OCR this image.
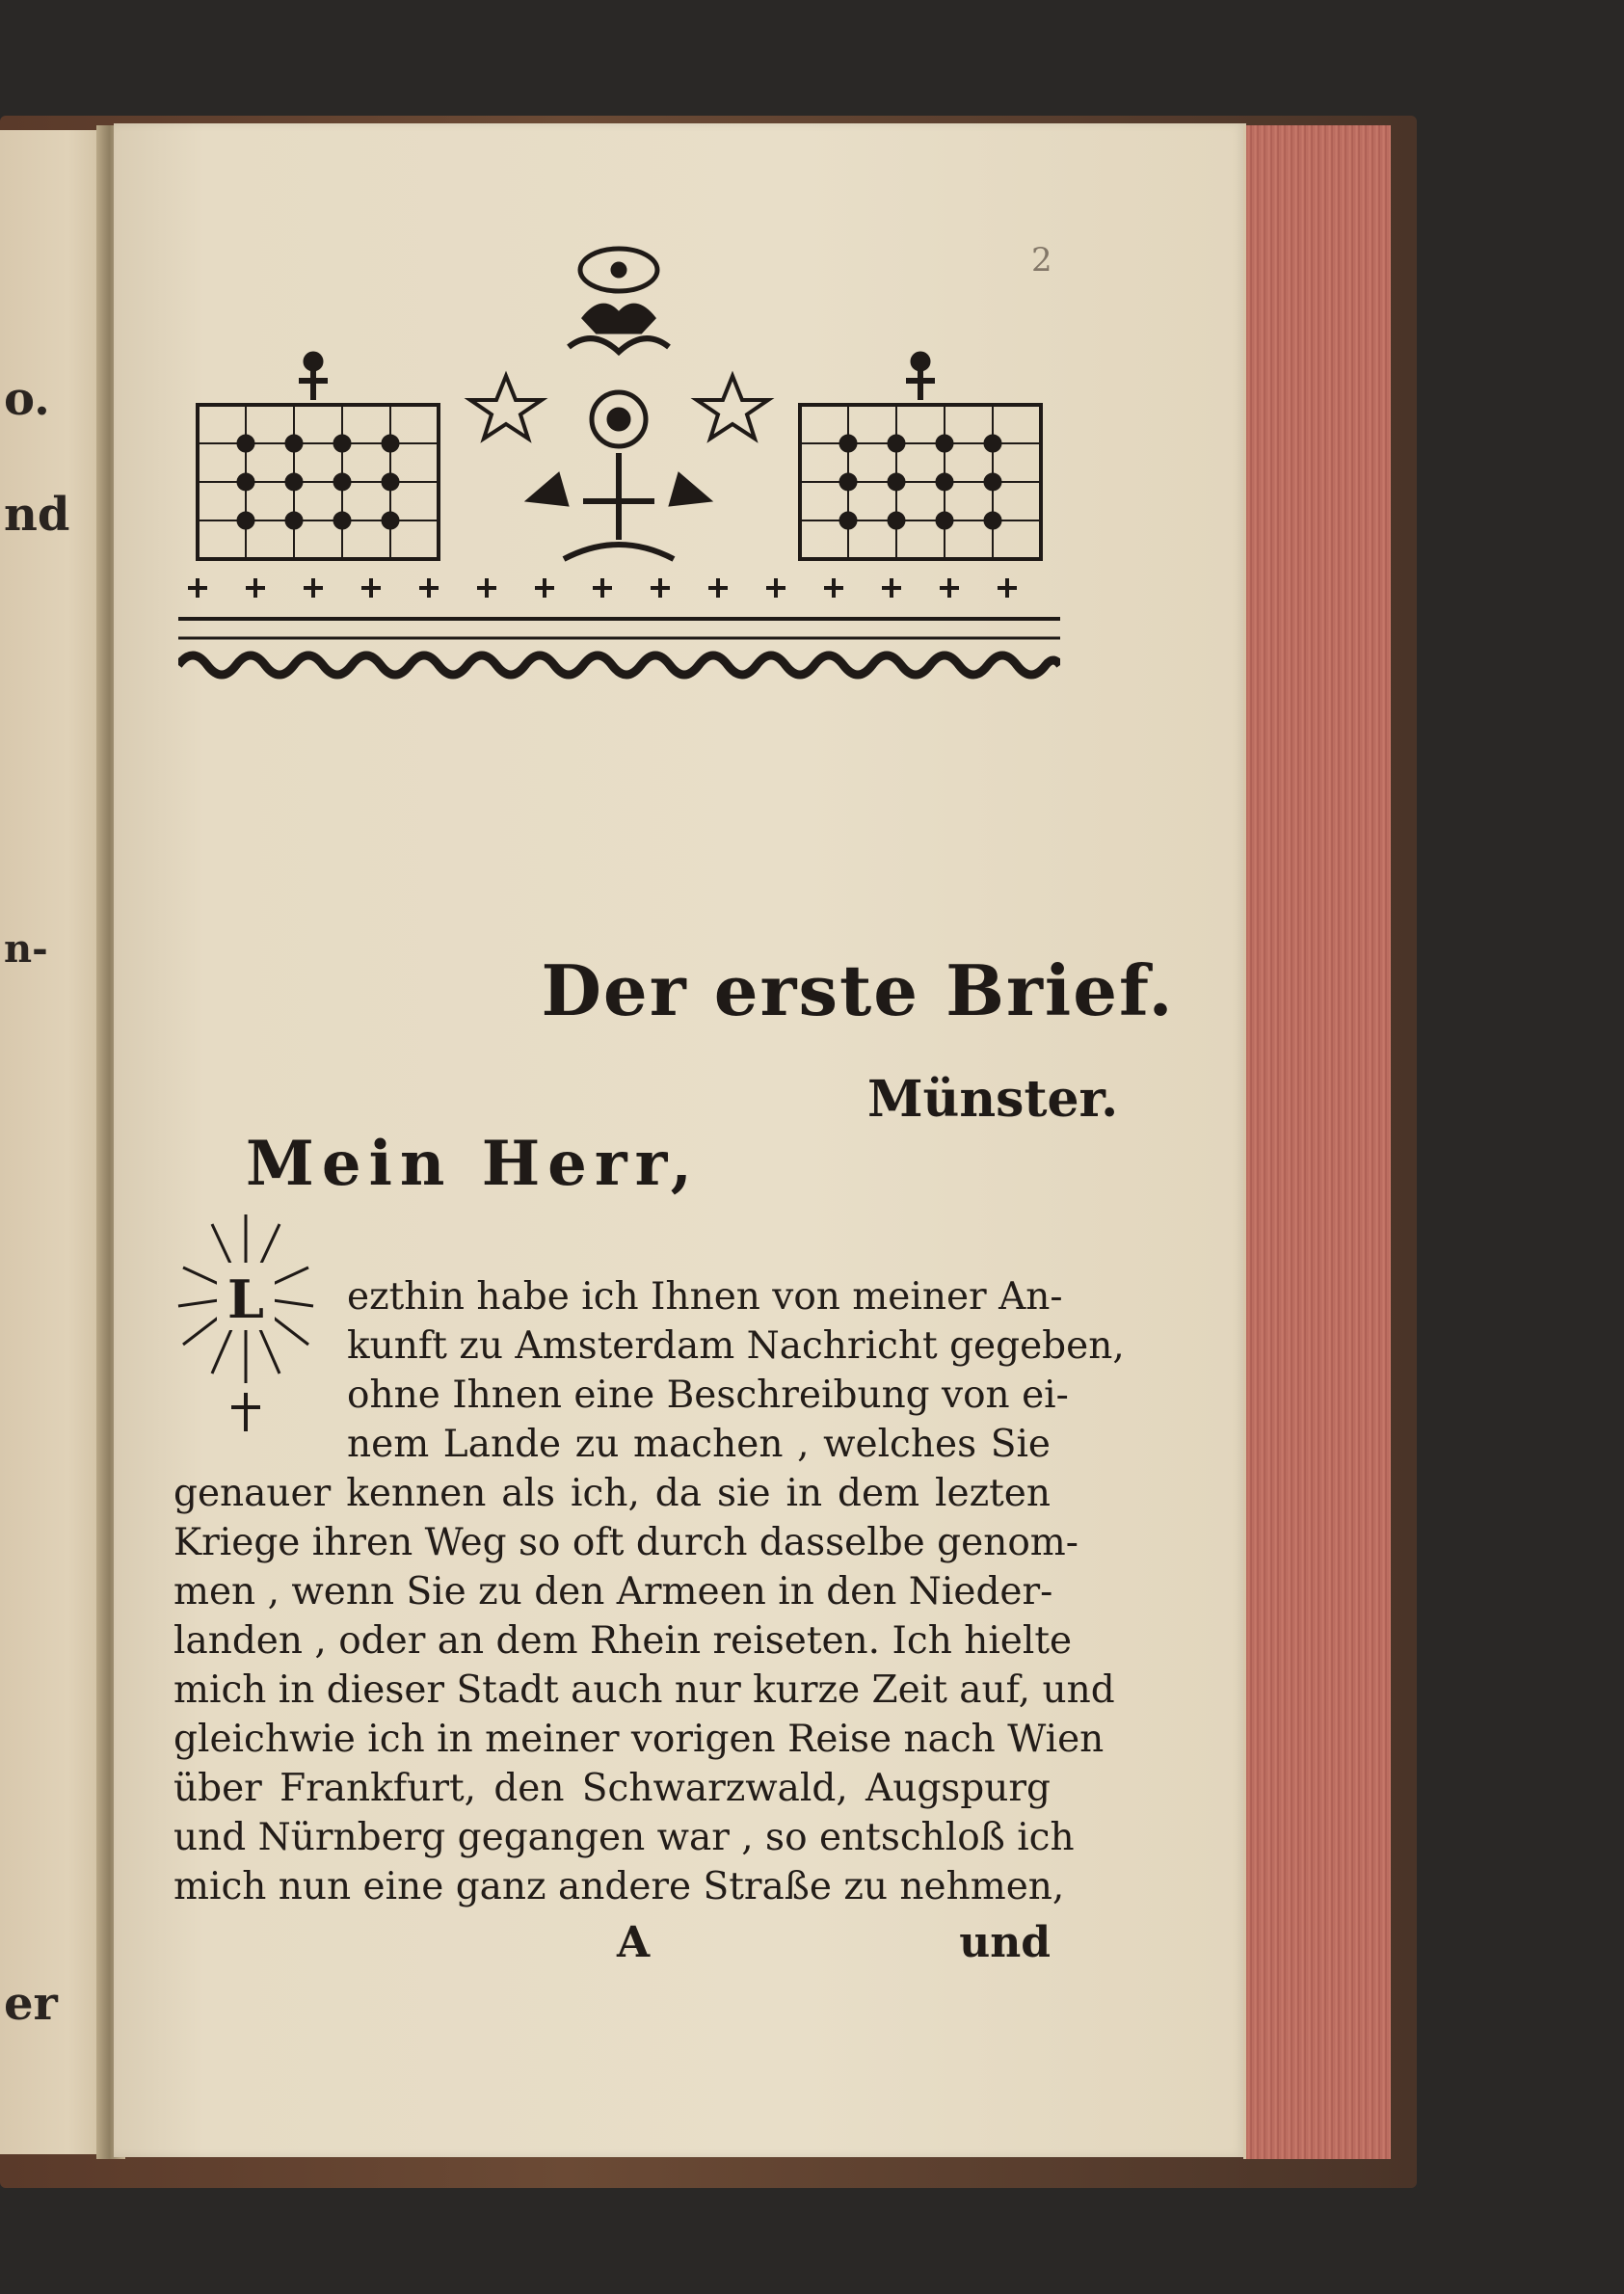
o.
nd
n-
er
2
Der erste Brief.
Münster.
Mein Herr,
L ezthin habe ich Ihnen von meiner An-
kunft zu Amsterdam Nachricht gegeben,
ohne Ihnen eine Beschreibung von ei-
nem Lande zu machen , welches Sie
genauer kennen als ich, da sie in dem lezten
Kriege ihren Weg so oft durch dasselbe genom-
men , wenn Sie zu den Armeen in den Nieder-
landen , oder an dem Rhein reiseten. Ich hielte
mich in dieser Stadt auch nur kurze Zeit auf, und
gleichwie ich in meiner vorigen Reise nach Wien
über Frankfurt, den Schwarzwald, Augspurg
und Nürnberg gegangen war , so entschloß ich
mich nun eine ganz andere Straße zu nehmen,
A	und
